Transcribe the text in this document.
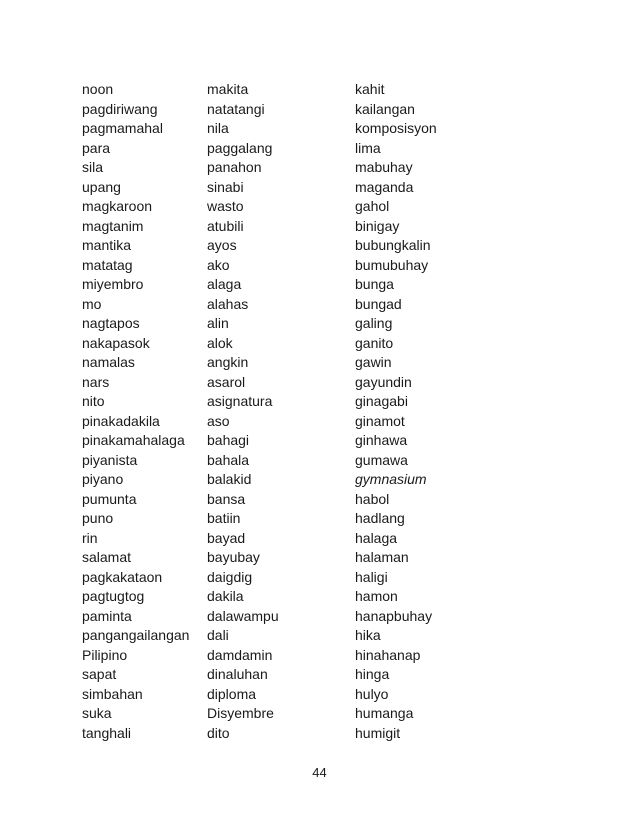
noon
pagdiriwang
pagmamahal
para
sila
upang
magkaroon
magtanim
mantika
matatag
miyembro
mo
nagtapos
nakapasok
namalas
nars
nito
pinakadakila
pinakamahalaga
piyanista
piyano
pumunta
puno
rin
salamat
pagkakataon
pagtugtog
paminta
pangangailangan
Pilipino
sapat
simbahan
suka
tanghali
makita
natatangi
nila
paggalang
panahon
sinabi
wasto
atubili
ayos
ako
alaga
alahas
alin
alok
angkin
asarol
asignatura
aso
bahagi
bahala
balakid
bansa
batiin
bayad
bayubay
daigdig
dakila
dalawampu
dali
damdamin
dinaluhan
diploma
Disyembre
dito
kahit
kailangan
komposisyon
lima
mabuhay
maganda
gahol
binigay
bubungkalin
bumubuhay
bunga
bungad
galing
ganito
gawin
gayundin
ginagabi
ginamot
ginhawa
gumawa
gymnasium
habol
hadlang
halaga
halaman
haligi
hamon
hanapbuhay
hika
hinahanap
hinga
hulyo
humanga
humigit
44
